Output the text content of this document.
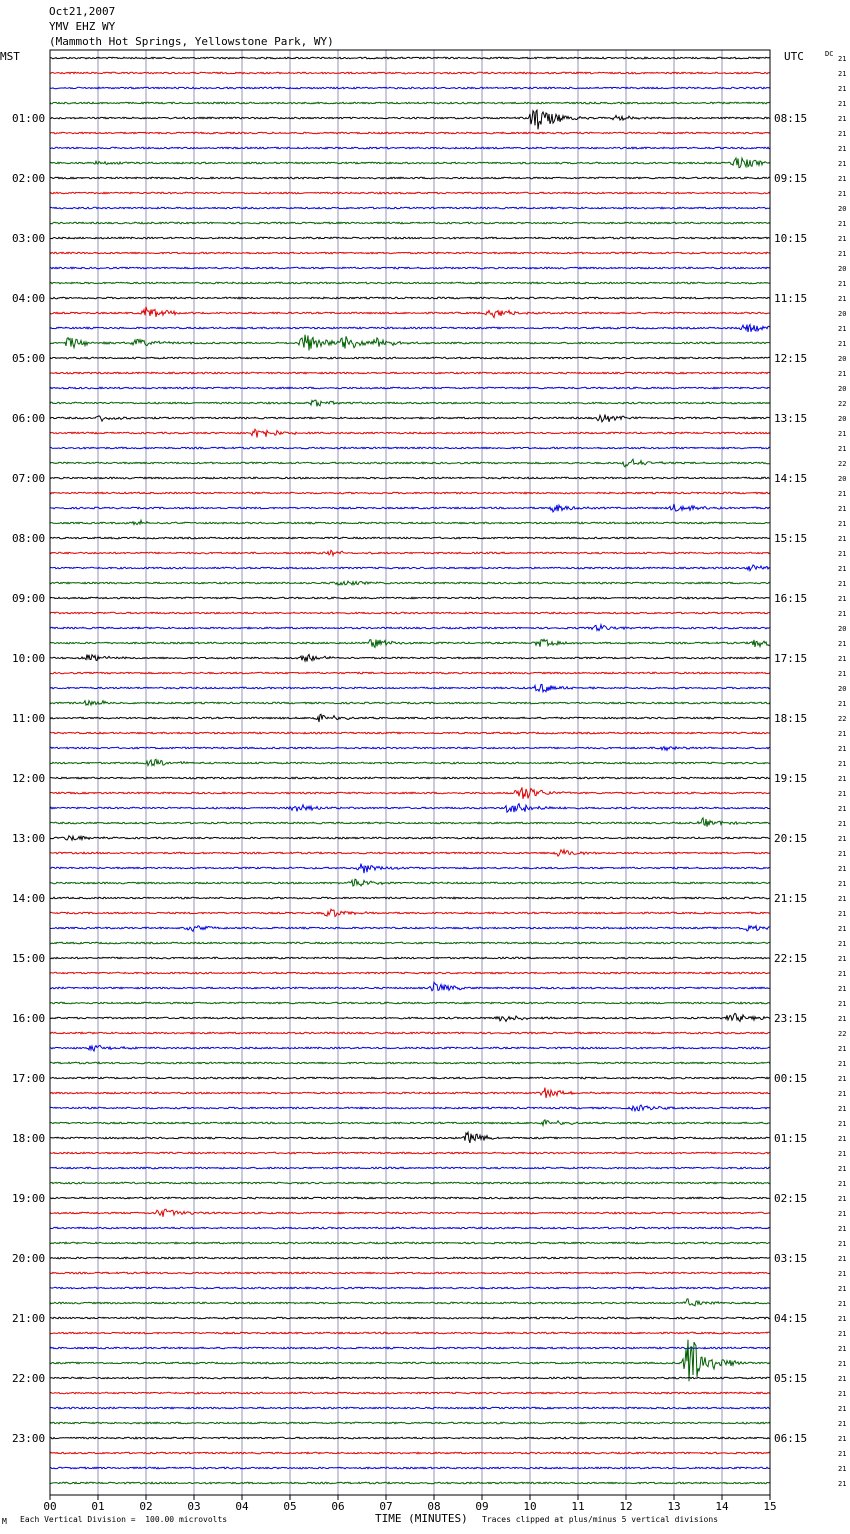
Oct21,2007
YMV EHZ WY
(Mammoth Hot Springs, Yellowstone Park, WY)
MST	UTC	DC
21
21
21
21
21
21
21
21
21
21
20
21
21
21
20
21
21
20
21
21
20
21
20
22
20
21
21
22
20
21
21
21
21
21
21
21
21
21
20
21
21
21
20
21
22
21
21
21
21
21
21
21
21
21
21
21
21
21
21
21
21
21
21
21
21
22
21
21
21
21
21
21
21
21
21
21
21
21
21
21
21
21
21
21
21
21
21
21
21
21
21
21
21
21
21
21
01:00
02:00
03:00
04:00
05:00
06:00
07:00
08:00
09:00
10:00
11:00
12:00
13:00
14:00
15:00
16:00
17:00
18:00
19:00
20:00
21:00
22:00
23:00
08:15
09:15
10:15
11:15
12:15
13:15
14:15
15:15
16:15
17:15
18:15
19:15
20:15
21:15
22:15
23:15
00:15
01:15
02:15
03:15
04:15
05:15
06:15
00	01	02	03	04	05	06	07	08	09	10	11	12	13	14	15
M Each Vertical Division =  100.00 microvolts	TIME (MINUTES) Traces clipped at plus/minus 5 vertical divisions
